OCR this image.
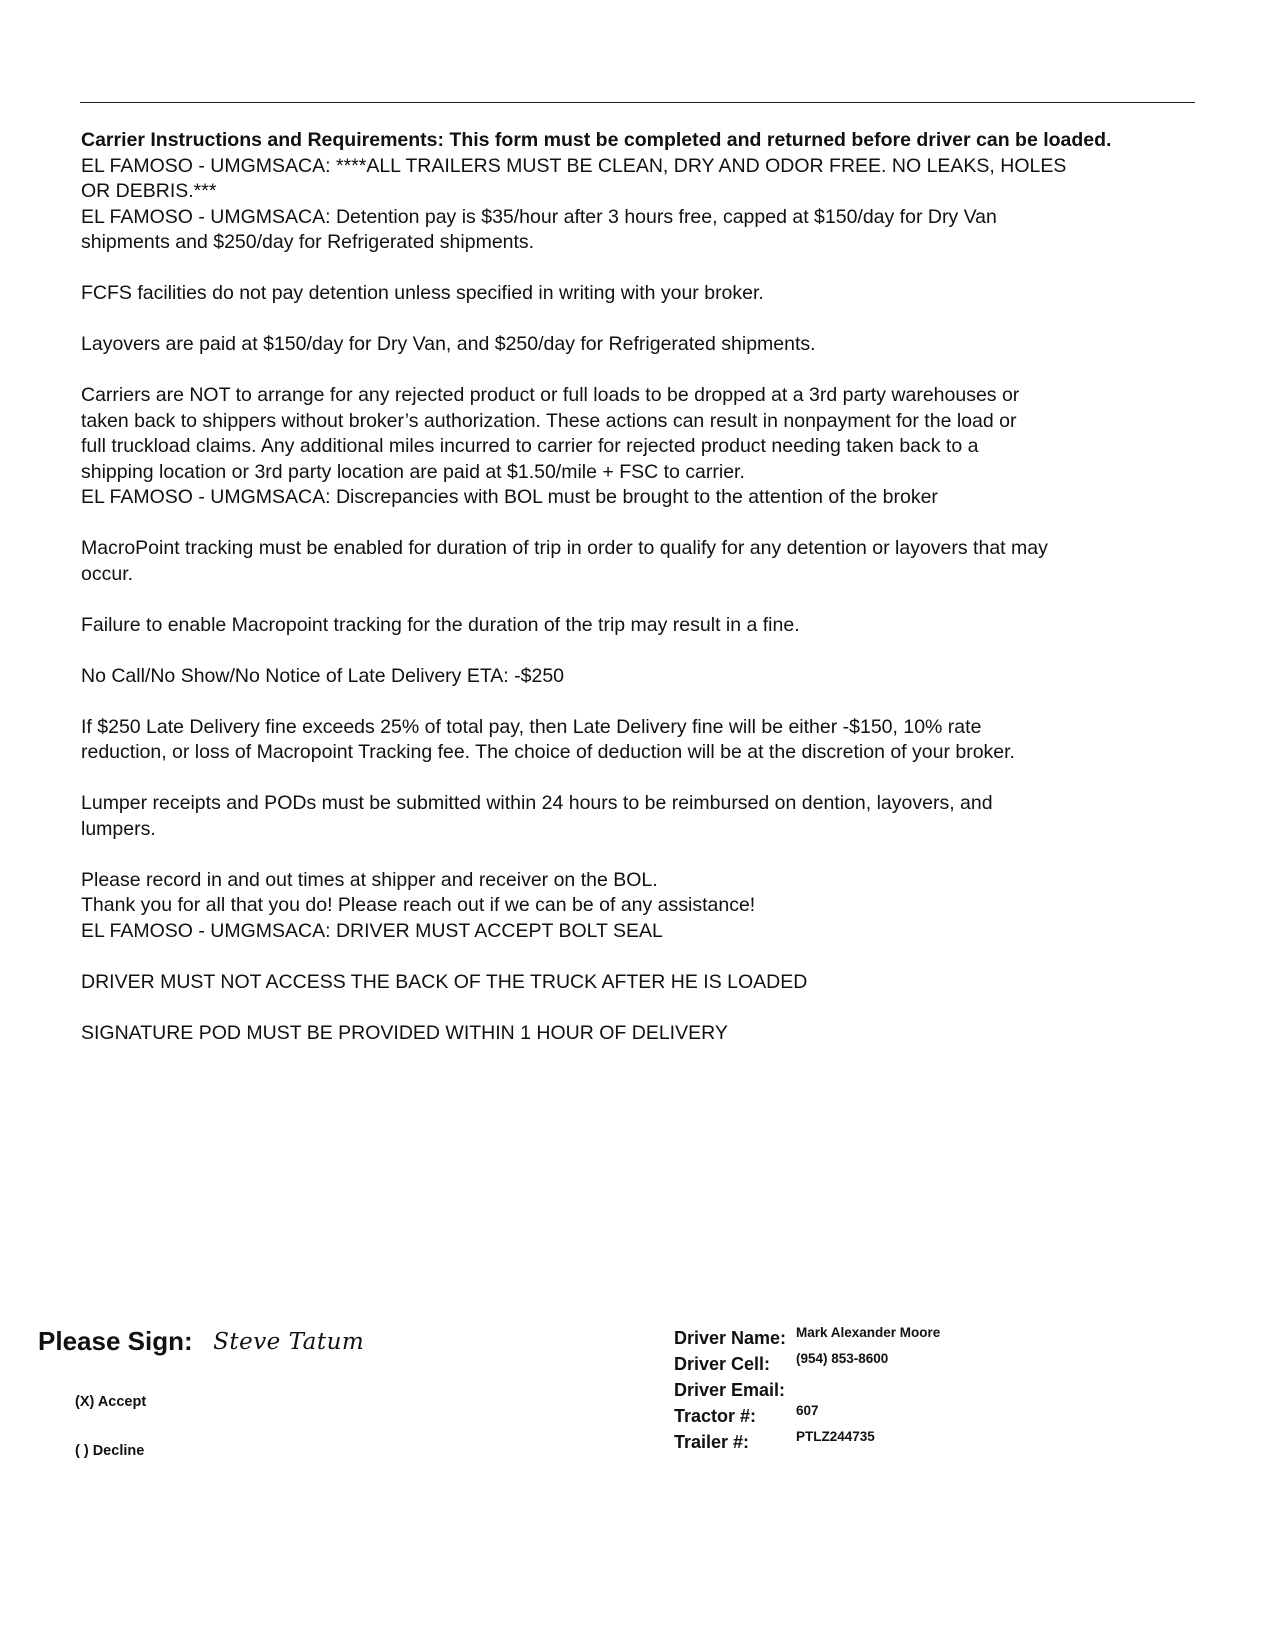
Carrier Instructions and Requirements: This form must be completed and returned before driver can be loaded.
EL FAMOSO - UMGMSACA: ****ALL TRAILERS MUST BE CLEAN, DRY AND ODOR FREE. NO LEAKS, HOLES
OR DEBRIS.***
EL FAMOSO - UMGMSACA: Detention pay is $35/hour after 3 hours free, capped at $150/day for Dry Van
shipments and $250/day for Refrigerated shipments.
FCFS facilities do not pay detention unless specified in writing with your broker.
Layovers are paid at $150/day for Dry Van, and $250/day for Refrigerated shipments.
Carriers are NOT to arrange for any rejected product or full loads to be dropped at a 3rd party warehouses or
taken back to shippers without broker’s authorization. These actions can result in nonpayment for the load or
full truckload claims. Any additional miles incurred to carrier for rejected product needing taken back to a
shipping location or 3rd party location are paid at $1.50/mile + FSC to carrier.
EL FAMOSO - UMGMSACA: Discrepancies with BOL must be brought to the attention of the broker
MacroPoint tracking must be enabled for duration of trip in order to qualify for any detention or layovers that may
occur.
Failure to enable Macropoint tracking for the duration of the trip may result in a fine.
No Call/No Show/No Notice of Late Delivery ETA: -$250
If $250 Late Delivery fine exceeds 25% of total pay, then Late Delivery fine will be either -$150, 10% rate
reduction, or loss of Macropoint Tracking fee. The choice of deduction will be at the discretion of your broker.
Lumper receipts and PODs must be submitted within 24 hours to be reimbursed on dention, layovers, and
lumpers.
Please record in and out times at shipper and receiver on the BOL.
Thank you for all that you do! Please reach out if we can be of any assistance!
EL FAMOSO - UMGMSACA: DRIVER MUST ACCEPT BOLT SEAL
DRIVER MUST NOT ACCESS THE BACK OF THE TRUCK AFTER HE IS LOADED
SIGNATURE POD MUST BE PROVIDED WITHIN 1 HOUR OF DELIVERY
Please Sign: Steve Tatum
(X) Accept
( ) Decline
Driver Name: Mark Alexander Moore
Driver Cell: (954) 853-8600
Driver Email:
Tractor #:	607
Trailer #:	PTLZ244735
